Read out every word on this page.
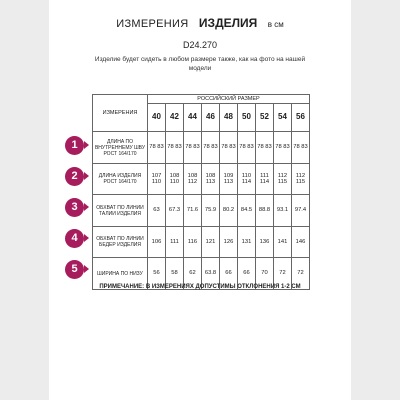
ИЗМЕРЕНИЯ ИЗДЕЛИЯ в см
D24.270
Изделие будет сидеть в любом размере также, как на фото на нашей модели
ИЗМЕРЕНИЯ	РОССИЙСКИЙ РАЗМЕР								
	40	42	44	46	48	50	52	54	56
ДЛИНА ПО ВНУТРЕННЕМУ ШВУ РОСТ 164/170	78 83	78 83	78 83	78 83	78 83	78 83	78 83	78 83	78 83
ДЛИНА ИЗДЕЛИЯ РОСТ 164/170	107 110	108 110	108 112	108 113	109 113	110 114	111 114	112 115	112 115
ОБХВАТ ПО ЛИНИИ ТАЛИИ ИЗДЕЛИЯ	63	67.3	71.6	75.9	80.2	84.5	88.8	93.1	97.4
ОБХВАТ ПО ЛИНИИ БЕДЕР ИЗДЕЛИЯ	106	111	116	121	126	131	136	141	146
ШИРИНА ПО НИЗУ	56	58	62	63.8	66	66	70	72	72
1
2
3
4
5
ПРИМЕЧАНИЕ: В ИЗМЕРЕНИЯХ ДОПУСТИМЫ ОТКЛОНЕНИЯ 1-2 СМ
